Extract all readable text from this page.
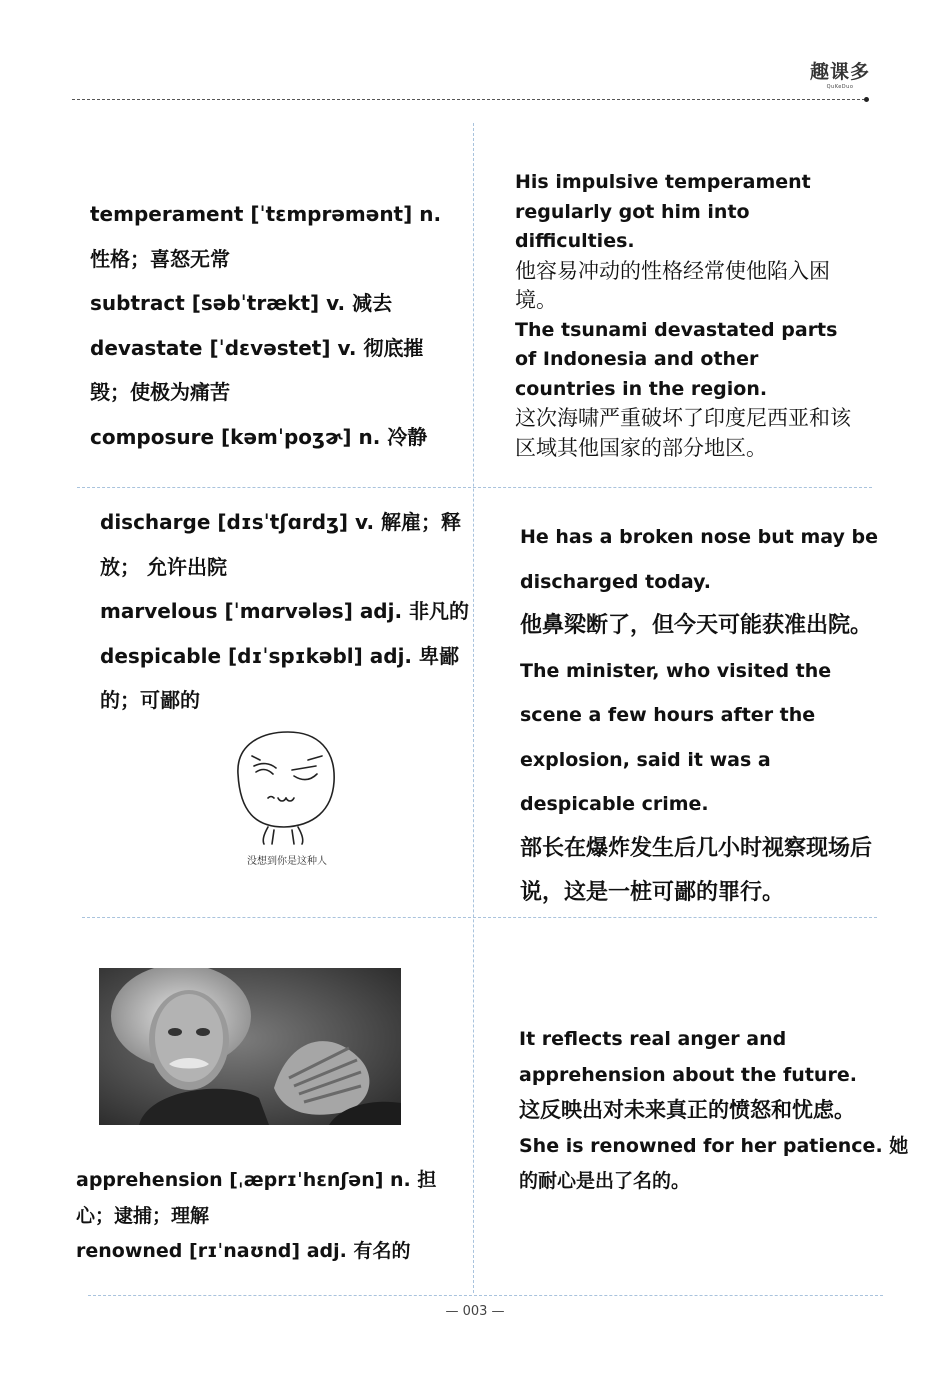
趣课多
QuKeDuo

temperament [ˈtɛmprəmənt] n. 性格；喜怒无常

subtract [səbˈtrækt] v. 减去

devastate [ˈdɛvəstet] v. 彻底摧毁；使极为痛苦

composure [kəmˈpoʒɚ] n. 冷静

His impulsive temperament regularly got him into difficulties.

他容易冲动的性格经常使他陷入困境。

The tsunami devastated parts of Indonesia and other countries in the region.

这次海啸严重破坏了印度尼西亚和该区域其他国家的部分地区。

discharge [dɪsˈtʃɑrdʒ] v. 解雇；释放； 允许出院

marvelous [ˈmɑrvələs] adj. 非凡的

despicable [dɪˈspɪkəbl] adj. 卑鄙的；可鄙的

没想到你是这种人

He has a broken nose but may be discharged today.

他鼻梁断了，但今天可能获准出院。

The minister, who visited the scene a few hours after the explosion, said it was a despicable crime.

部长在爆炸发生后几小时视察现场后说，这是一桩可鄙的罪行。

apprehension [ˌæprɪˈhɛnʃən] n. 担心；逮捕；理解

renowned [rɪˈnaʊnd] adj. 有名的

It reflects real anger and apprehension about the future.

这反映出对未来真正的愤怒和忧虑。

She is renowned for her patience. 她的耐心是出了名的。

— 003 —
